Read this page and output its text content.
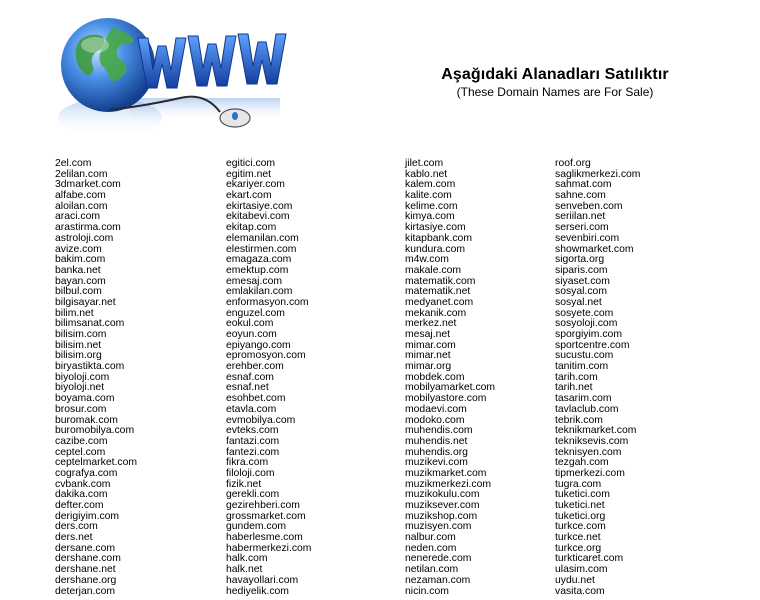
Aşağıdaki Alanadları Satılıktır
(These Domain Names are For Sale)
2el.com
2elilan.com
3dmarket.com
alfabe.com
aloilan.com
araci.com
arastirma.com
astroloji.com
avize.com
bakim.com
banka.net
bayan.com
bilbul.com
bilgisayar.net
bilim.net
bilimsanat.com
bilisim.com
bilisim.net
bilisim.org
biryastikta.com
biyoloji.com
biyoloji.net
boyama.com
brosur.com
buromak.com
buromobilya.com
cazibe.com
ceptel.com
ceptelmarket.com
cografya.com
cvbank.com
dakika.com
defter.com
derigiyim.com
ders.com
ders.net
dersane.com
dershane.com
dershane.net
dershane.org
deterjan.com
egitici.com
egitim.net
ekariyer.com
ekart.com
ekirtasiye.com
ekitabevi.com
ekitap.com
elemanilan.com
elestirmen.com
emagaza.com
emektup.com
emesaj.com
emlakilan.com
enformasyon.com
enguzel.com
eokul.com
eoyun.com
epiyango.com
epromosyon.com
erehber.com
esnaf.com
esnaf.net
esohbet.com
etavla.com
evmobilya.com
evteks.com
fantazi.com
fantezi.com
fikra.com
filoloji.com
fizik.net
gerekli.com
gezirehberi.com
grossmarket.com
gundem.com
haberlesme.com
habermerkezi.com
halk.com
halk.net
havayollari.com
hediyelik.com
jilet.com
kablo.net
kalem.com
kalite.com
kelime.com
kimya.com
kirtasiye.com
kitapbank.com
kundura.com
m4w.com
makale.com
matematik.com
matematik.net
medyanet.com
mekanik.com
merkez.net
mesaj.net
mimar.com
mimar.net
mimar.org
mobdek.com
mobilyamarket.com
mobilyastore.com
modaevi.com
modoko.com
muhendis.com
muhendis.net
muhendis.org
muzikevi.com
muzikmarket.com
muzikmerkezi.com
muzikokulu.com
muziksever.com
muzikshop.com
muzisyen.com
nalbur.com
neden.com
nenerede.com
netilan.com
nezaman.com
nicin.com
roof.org
saglikmerkezi.com
sahmat.com
sahne.com
senveben.com
seriilan.net
serseri.com
sevenbiri.com
showmarket.com
sigorta.org
siparis.com
siyaset.com
sosyal.com
sosyal.net
sosyete.com
sosyoloji.com
sporgiyim.com
sportcentre.com
sucustu.com
tanitim.com
tarih.com
tarih.net
tasarim.com
tavlaclub.com
tebrik.com
teknikmarket.com
tekniksevis.com
teknisyen.com
tezgah.com
tipmerkezi.com
tugra.com
tuketici.com
tuketici.net
tuketici.org
turkce.com
turkce.net
turkce.org
turkticaret.com
ulasim.com
uydu.net
vasita.com
